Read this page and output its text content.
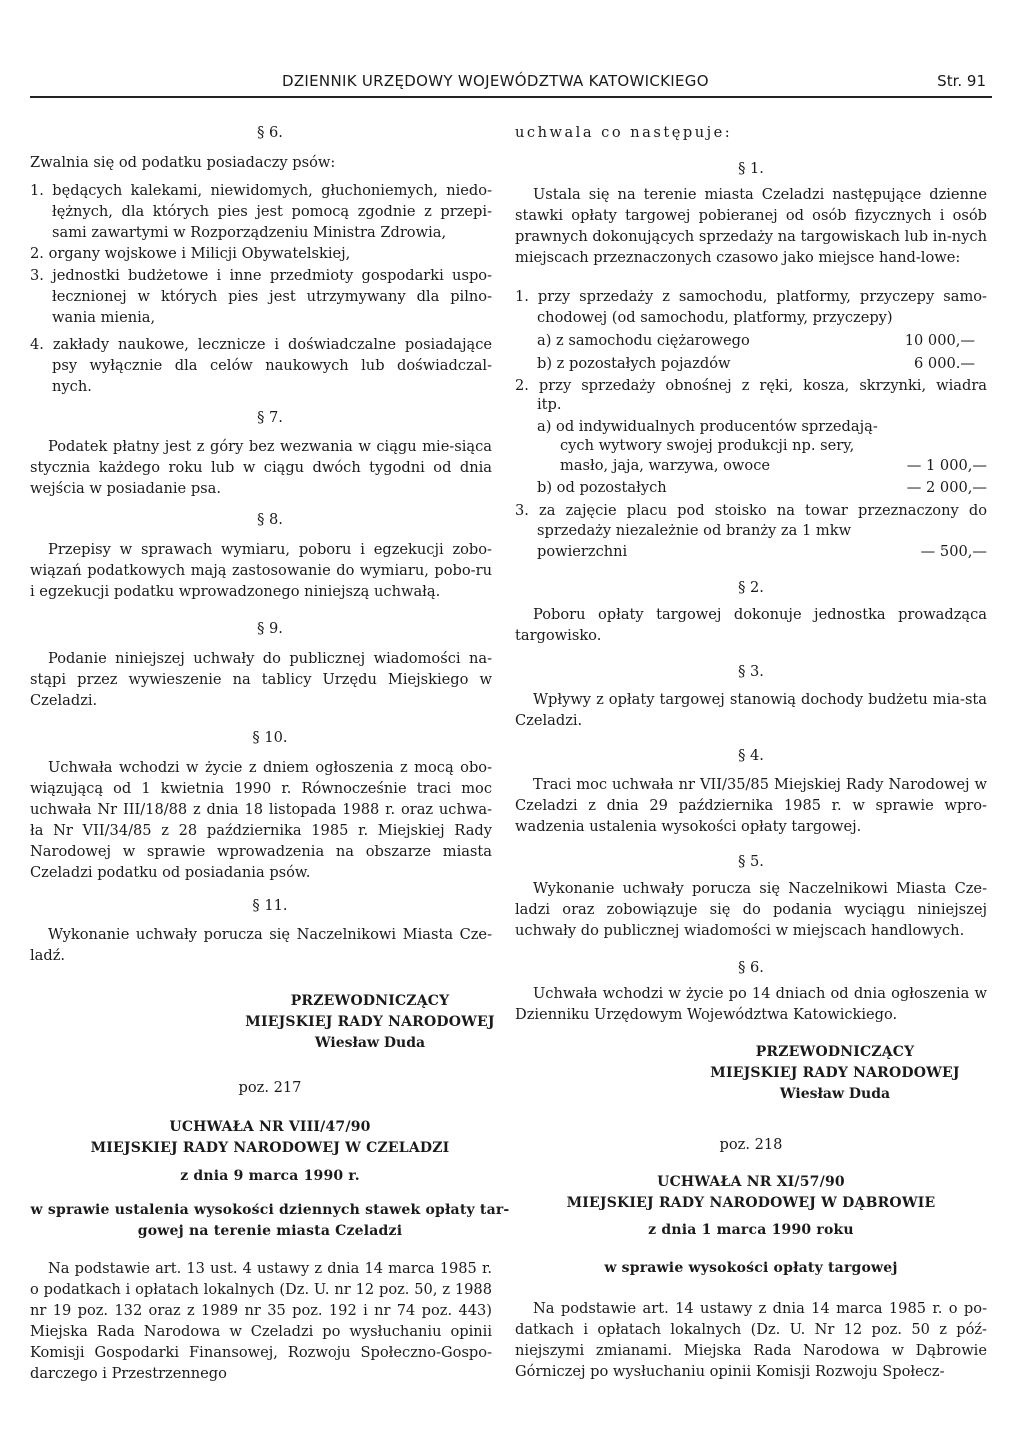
DZIENNIK URZĘDOWY WOJEWÓDZTWA KATOWICKIEGO	Str. 91
§ 6.
Zwalnia się od podatku posiadaczy psów:
1. będących kalekami, niewidomych, głuchoniemych, niedo-
łężnych, dla których pies jest pomocą zgodnie z przepi-
sami zawartymi w Rozporządzeniu Ministra Zdrowia,
2. organy wojskowe i Milicji Obywatelskiej,
3. jednostki budżetowe i inne przedmioty gospodarki uspo-
łecznionej w których pies jest utrzymywany dla pilno-
wania mienia,
4. zakłady naukowe, lecznicze i doświadczalne posiadające
psy wyłącznie dla celów naukowych lub doświadczal-
nych.
§ 7.

Podatek płatny jest z góry bez wezwania w ciągu mie-siąca stycznia każdego roku lub w ciągu dwóch tygodni od dnia wejścia w posiadanie psa.

§ 8.

Przepisy w sprawach wymiaru, poboru i egzekucji zobo-wiązań podatkowych mają zastosowanie do wymiaru, pobo-ru i egzekucji podatku wprowadzonego niniejszą uchwałą.

§ 9.

Podanie niniejszej uchwały do publicznej wiadomości na-stąpi przez wywieszenie na tablicy Urzędu Miejskiego w Czeladzi.

§ 10.

Uchwała wchodzi w życie z dniem ogłoszenia z mocą obo-wiązującą od 1 kwietnia 1990 r. Równocześnie traci moc uchwała Nr III/18/88 z dnia 18 listopada 1988 r. oraz uchwa-ła Nr VII/34/85 z 28 października 1985 r. Miejskiej Rady Narodowej w sprawie wprowadzenia na obszarze miasta Czeladzi podatku od posiadania psów.

§ 11.

Wykonanie uchwały porucza się Naczelnikowi Miasta Cze-ladź.

PRZEWODNICZĄCY
MIEJSKIEJ RADY NARODOWEJ
Wiesław Duda
poz. 217
UCHWAŁA NR VIII/47/90
MIEJSKIEJ RADY NARODOWEJ W CZELADZI
z dnia 9 marca 1990 r.
w sprawie ustalenia wysokości dziennych stawek opłaty tar-
gowej na terenie miasta Czeladzi

Na podstawie art. 13 ust. 4 ustawy z dnia 14 marca 1985 r. o podatkach i opłatach lokalnych (Dz. U. nr 12 poz. 50, z 1988 nr 19 poz. 132 oraz z 1989 nr 35 poz. 192 i nr 74 poz. 443) Miejska Rada Narodowa w Czeladzi po wysłuchaniu opinii Komisji Gospodarki Finansowej, Rozwoju Społeczno-Gospo-darczego i Przestrzennego

uchwala co następuje:
§ 1.

Ustala się na terenie miasta Czeladzi następujące dzienne stawki opłaty targowej pobieranej od osób fizycznych i osób prawnych dokonujących sprzedaży na targowiskach lub in-nych miejscach przeznaczonych czasowo jako miejsce hand-lowe:

1. przy sprzedaży z samochodu, platformy, przyczepy samo-
chodowej (od samochodu, platformy, przyczepy)
a) z samochodu ciężarowego	10 000,—
b) z pozostałych pojazdów	6 000.—
2. przy sprzedaży obnośnej z ręki, kosza, skrzynki, wiadra
itp.
a) od indywidualnych producentów sprzedają-
cych wytwory swojej produkcji np. sery,
masło, jaja, warzywa, owoce	— 1 000,—
b) od pozostałych	— 2 000,—
3. za zajęcie placu pod stoisko na towar przeznaczony do
sprzedaży niezależnie od branży za 1 mkw
powierzchni	— 500,—
§ 2.

Poboru opłaty targowej dokonuje jednostka prowadząca targowisko.

§ 3.

Wpływy z opłaty targowej stanowią dochody budżetu mia-sta Czeladzi.

§ 4.

Traci moc uchwała nr VII/35/85 Miejskiej Rady Narodowej w Czeladzi z dnia 29 października 1985 r. w sprawie wpro-wadzenia ustalenia wysokości opłaty targowej.

§ 5.

Wykonanie uchwały porucza się Naczelnikowi Miasta Cze-ladzi oraz zobowiązuje się do podania wyciągu niniejszej uchwały do publicznej wiadomości w miejscach handlowych.

§ 6.

Uchwała wchodzi w życie po 14 dniach od dnia ogłoszenia w Dzienniku Urzędowym Województwa Katowickiego.

PRZEWODNICZĄCY
MIEJSKIEJ RADY NARODOWEJ
Wiesław Duda
poz. 218
UCHWAŁA NR XI/57/90
MIEJSKIEJ RADY NARODOWEJ W DĄBROWIE
z dnia 1 marca 1990 roku
w sprawie wysokości opłaty targowej

Na podstawie art. 14 ustawy z dnia 14 marca 1985 r. o po-datkach i opłatach lokalnych (Dz. U. Nr 12 poz. 50 z póź-niejszymi zmianami. Miejska Rada Narodowa w Dąbrowie Górniczej po wysłuchaniu opinii Komisji Rozwoju Społecz-
